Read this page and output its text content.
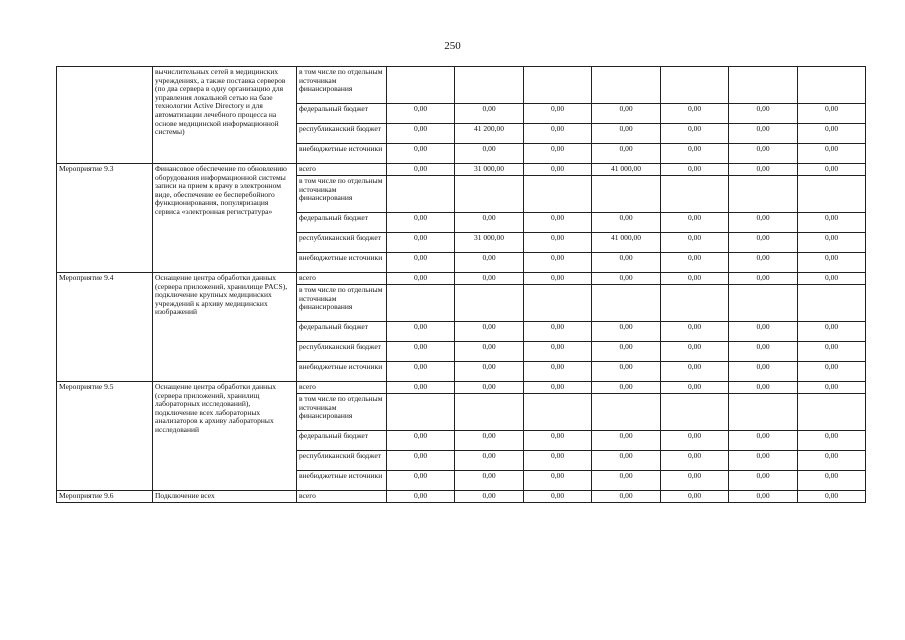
250
	вычислительных сетей в медицинских учреждениях, а также поставка серверов (по два сервера в одну организацию для управления локальной сетью на базе технологии Active Directory и для автоматизации лечебного процесса на основе медицинской информационной системы)	в том числе по отдельным источникам финансирования							
		федеральный бюджет	0,00	0,00	0,00	0,00	0,00	0,00	0,00
		республиканский бюджет	0,00	41 200,00	0,00	0,00	0,00	0,00	0,00
		внебюджетные источники	0,00	0,00	0,00	0,00	0,00	0,00	0,00
Мероприятие 9.3	Финансовое обеспечение по обновлению оборудования информационной системы записи на прием к врачу в электронном виде, обеспечение ее бесперебойного функционирования, популяризация сервиса «электронная регистратура»	всего	0,00	31 000,00	0,00	41 000,00	0,00	0,00	0,00
		в том числе по отдельным источникам финансирования							
		федеральный бюджет	0,00	0,00	0,00	0,00	0,00	0,00	0,00
		республиканский бюджет	0,00	31 000,00	0,00	41 000,00	0,00	0,00	0,00
		внебюджетные источники	0,00	0,00	0,00	0,00	0,00	0,00	0,00
Мероприятие 9.4	Оснащение центра обработки данных (сервера приложений, хранилище PACS), подключение крупных медицинских учреждений к архиву медицинских изображений	всего	0,00	0,00	0,00	0,00	0,00	0,00	0,00
		в том числе по отдельным источникам финансирования							
		федеральный бюджет	0,00	0,00	0,00	0,00	0,00	0,00	0,00
		республиканский бюджет	0,00	0,00	0,00	0,00	0,00	0,00	0,00
		внебюджетные источники	0,00	0,00	0,00	0,00	0,00	0,00	0,00
Мероприятие 9.5	Оснащение центра обработки данных (сервера приложений, хранилищ лабораторных исследований), подключение всех лабораторных анализаторов к архиву лабораторных исследований	всего	0,00	0,00	0,00	0,00	0,00	0,00	0,00
		в том числе по отдельным источникам финансирования							
		федеральный бюджет	0,00	0,00	0,00	0,00	0,00	0,00	0,00
		республиканский бюджет	0,00	0,00	0,00	0,00	0,00	0,00	0,00
		внебюджетные источники	0,00	0,00	0,00	0,00	0,00	0,00	0,00
Мероприятие 9.6	Подключение всех	всего	0,00	0,00	0,00	0,00	0,00	0,00	0,00
